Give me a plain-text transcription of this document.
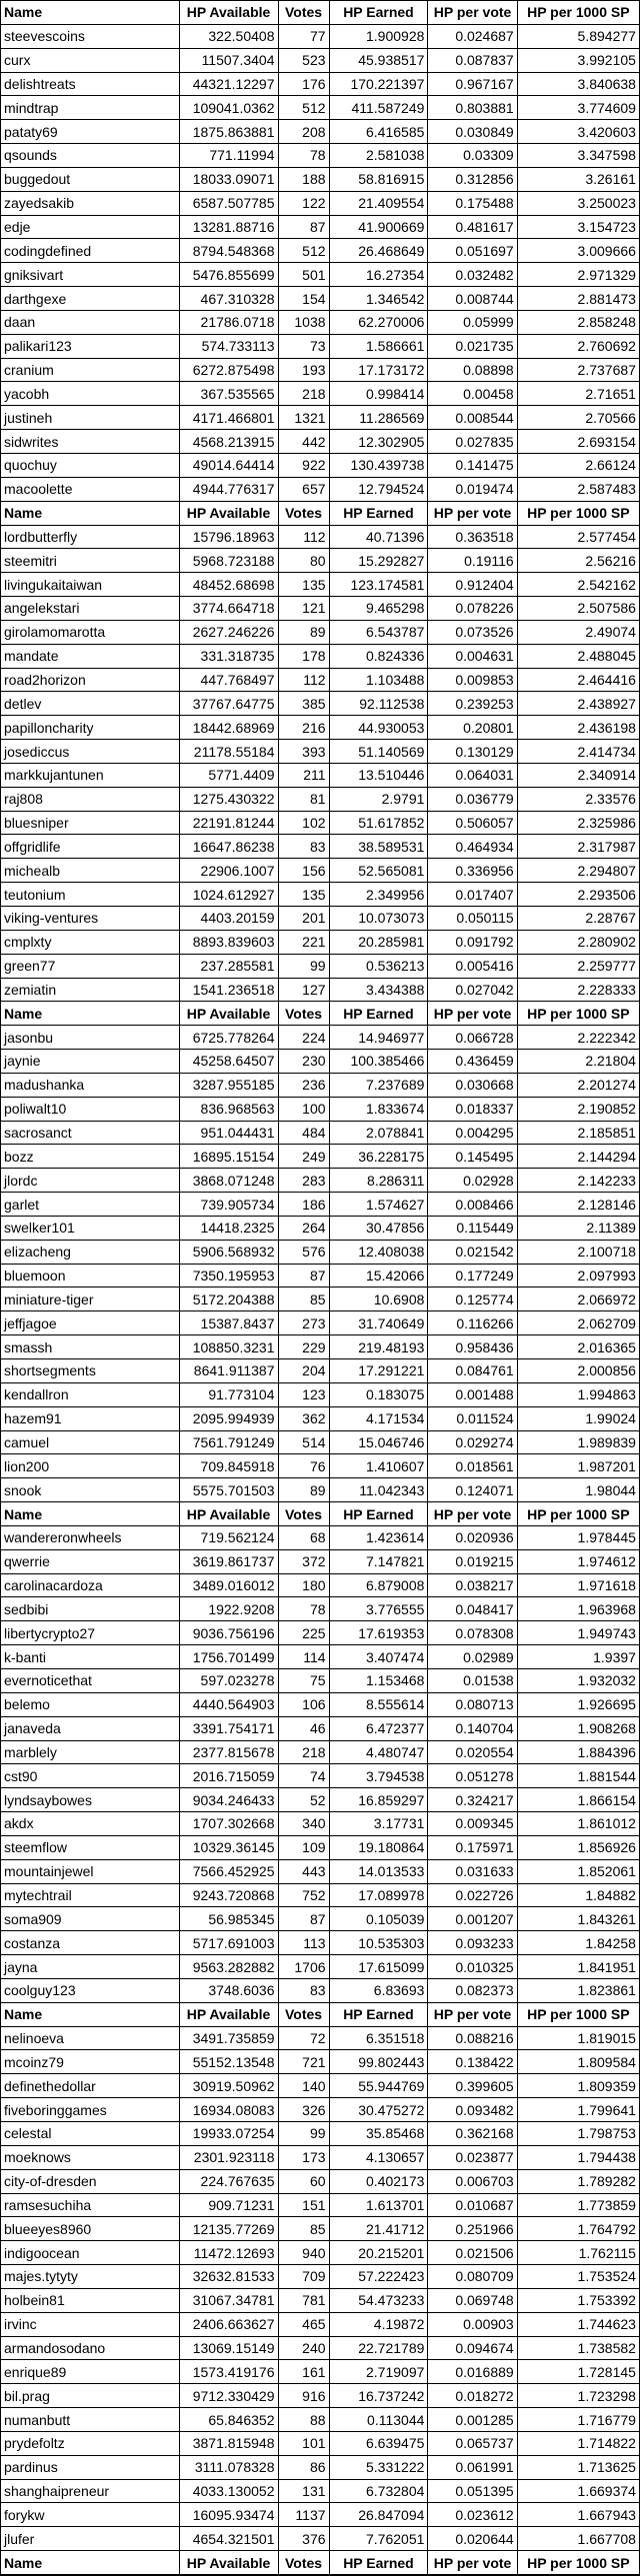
Name	HP Available	Votes	HP Earned	HP per vote	HP per 1000 SP
steevescoins	322.50408	77	1.900928	0.024687	5.894277
curx	11507.3404	523	45.938517	0.087837	3.992105
delishtreats	44321.12297	176	170.221397	0.967167	3.840638
mindtrap	109041.0362	512	411.587249	0.803881	3.774609
pataty69	1875.863881	208	6.416585	0.030849	3.420603
qsounds	771.11994	78	2.581038	0.03309	3.347598
buggedout	18033.09071	188	58.816915	0.312856	3.26161
zayedsakib	6587.507785	122	21.409554	0.175488	3.250023
edje	13281.88716	87	41.900669	0.481617	3.154723
codingdefined	8794.548368	512	26.468649	0.051697	3.009666
gniksivart	5476.855699	501	16.27354	0.032482	2.971329
darthgexe	467.310328	154	1.346542	0.008744	2.881473
daan	21786.0718	1038	62.270006	0.05999	2.858248
palikari123	574.733113	73	1.586661	0.021735	2.760692
cranium	6272.875498	193	17.173172	0.08898	2.737687
yacobh	367.535565	218	0.998414	0.00458	2.71651
justineh	4171.466801	1321	11.286569	0.008544	2.70566
sidwrites	4568.213915	442	12.302905	0.027835	2.693154
quochuy	49014.64414	922	130.439738	0.141475	2.66124
macoolette	4944.776317	657	12.794524	0.019474	2.587483
Name	HP Available	Votes	HP Earned	HP per vote	HP per 1000 SP
lordbutterfly	15796.18963	112	40.71396	0.363518	2.577454
steemitri	5968.723188	80	15.292827	0.19116	2.56216
livingukaitaiwan	48452.68698	135	123.174581	0.912404	2.542162
angelekstari	3774.664718	121	9.465298	0.078226	2.507586
girolamomarotta	2627.246226	89	6.543787	0.073526	2.49074
mandate	331.318735	178	0.824336	0.004631	2.488045
road2horizon	447.768497	112	1.103488	0.009853	2.464416
detlev	37767.64775	385	92.112538	0.239253	2.438927
papilloncharity	18442.68969	216	44.930053	0.20801	2.436198
josediccus	21178.55184	393	51.140569	0.130129	2.414734
markkujantunen	5771.4409	211	13.510446	0.064031	2.340914
raj808	1275.430322	81	2.9791	0.036779	2.33576
bluesniper	22191.81244	102	51.617852	0.506057	2.325986
offgridlife	16647.86238	83	38.589531	0.464934	2.317987
michealb	22906.1007	156	52.565081	0.336956	2.294807
teutonium	1024.612927	135	2.349956	0.017407	2.293506
viking-ventures	4403.20159	201	10.073073	0.050115	2.28767
cmplxty	8893.839603	221	20.285981	0.091792	2.280902
green77	237.285581	99	0.536213	0.005416	2.259777
zemiatin	1541.236518	127	3.434388	0.027042	2.228333
Name	HP Available	Votes	HP Earned	HP per vote	HP per 1000 SP
jasonbu	6725.778264	224	14.946977	0.066728	2.222342
jaynie	45258.64507	230	100.385466	0.436459	2.21804
madushanka	3287.955185	236	7.237689	0.030668	2.201274
poliwalt10	836.968563	100	1.833674	0.018337	2.190852
sacrosanct	951.044431	484	2.078841	0.004295	2.185851
bozz	16895.15154	249	36.228175	0.145495	2.144294
jlordc	3868.071248	283	8.286311	0.02928	2.142233
garlet	739.905734	186	1.574627	0.008466	2.128146
swelker101	14418.2325	264	30.47856	0.115449	2.11389
elizacheng	5906.568932	576	12.408038	0.021542	2.100718
bluemoon	7350.195953	87	15.42066	0.177249	2.097993
miniature-tiger	5172.204388	85	10.6908	0.125774	2.066972
jeffjagoe	15387.8437	273	31.740649	0.116266	2.062709
smassh	108850.3231	229	219.48193	0.958436	2.016365
shortsegments	8641.911387	204	17.291221	0.084761	2.000856
kendallron	91.773104	123	0.183075	0.001488	1.994863
hazem91	2095.994939	362	4.171534	0.011524	1.99024
camuel	7561.791249	514	15.046746	0.029274	1.989839
lion200	709.845918	76	1.410607	0.018561	1.987201
snook	5575.701503	89	11.042343	0.124071	1.98044
Name	HP Available	Votes	HP Earned	HP per vote	HP per 1000 SP
wandereronwheels	719.562124	68	1.423614	0.020936	1.978445
qwerrie	3619.861737	372	7.147821	0.019215	1.974612
carolinacardoza	3489.016012	180	6.879008	0.038217	1.971618
sedbibi	1922.9208	78	3.776555	0.048417	1.963968
libertycrypto27	9036.756196	225	17.619353	0.078308	1.949743
k-banti	1756.701499	114	3.407474	0.02989	1.9397
evernoticethat	597.023278	75	1.153468	0.01538	1.932032
belemo	4440.564903	106	8.555614	0.080713	1.926695
janaveda	3391.754171	46	6.472377	0.140704	1.908268
marblely	2377.815678	218	4.480747	0.020554	1.884396
cst90	2016.715059	74	3.794538	0.051278	1.881544
lyndsaybowes	9034.246433	52	16.859297	0.324217	1.866154
akdx	1707.302668	340	3.17731	0.009345	1.861012
steemflow	10329.36145	109	19.180864	0.175971	1.856926
mountainjewel	7566.452925	443	14.013533	0.031633	1.852061
mytechtrail	9243.720868	752	17.089978	0.022726	1.84882
soma909	56.985345	87	0.105039	0.001207	1.843261
costanza	5717.691003	113	10.535303	0.093233	1.84258
jayna	9563.282882	1706	17.615099	0.010325	1.841951
coolguy123	3748.6036	83	6.83693	0.082373	1.823861
Name	HP Available	Votes	HP Earned	HP per vote	HP per 1000 SP
nelinoeva	3491.735859	72	6.351518	0.088216	1.819015
mcoinz79	55152.13548	721	99.802443	0.138422	1.809584
definethedollar	30919.50962	140	55.944769	0.399605	1.809359
fiveboringgames	16934.08083	326	30.475272	0.093482	1.799641
celestal	19933.07254	99	35.85468	0.362168	1.798753
moeknows	2301.923118	173	4.130657	0.023877	1.794438
city-of-dresden	224.767635	60	0.402173	0.006703	1.789282
ramsesuchiha	909.71231	151	1.613701	0.010687	1.773859
blueeyes8960	12135.77269	85	21.41712	0.251966	1.764792
indigoocean	11472.12693	940	20.215201	0.021506	1.762115
majes.tytyty	32632.81533	709	57.222423	0.080709	1.753524
holbein81	31067.34781	781	54.473233	0.069748	1.753392
irvinc	2406.663627	465	4.19872	0.00903	1.744623
armandosodano	13069.15149	240	22.721789	0.094674	1.738582
enrique89	1573.419176	161	2.719097	0.016889	1.728145
bil.prag	9712.330429	916	16.737242	0.018272	1.723298
numanbutt	65.846352	88	0.113044	0.001285	1.716779
prydefoltz	3871.815948	101	6.639475	0.065737	1.714822
pardinus	3111.078328	86	5.331222	0.061991	1.713625
shanghaipreneur	4033.130052	131	6.732804	0.051395	1.669374
forykw	16095.93474	1137	26.847094	0.023612	1.667943
jlufer	4654.321501	376	7.762051	0.020644	1.667708
Name	HP Available	Votes	HP Earned	HP per vote	HP per 1000 SP
